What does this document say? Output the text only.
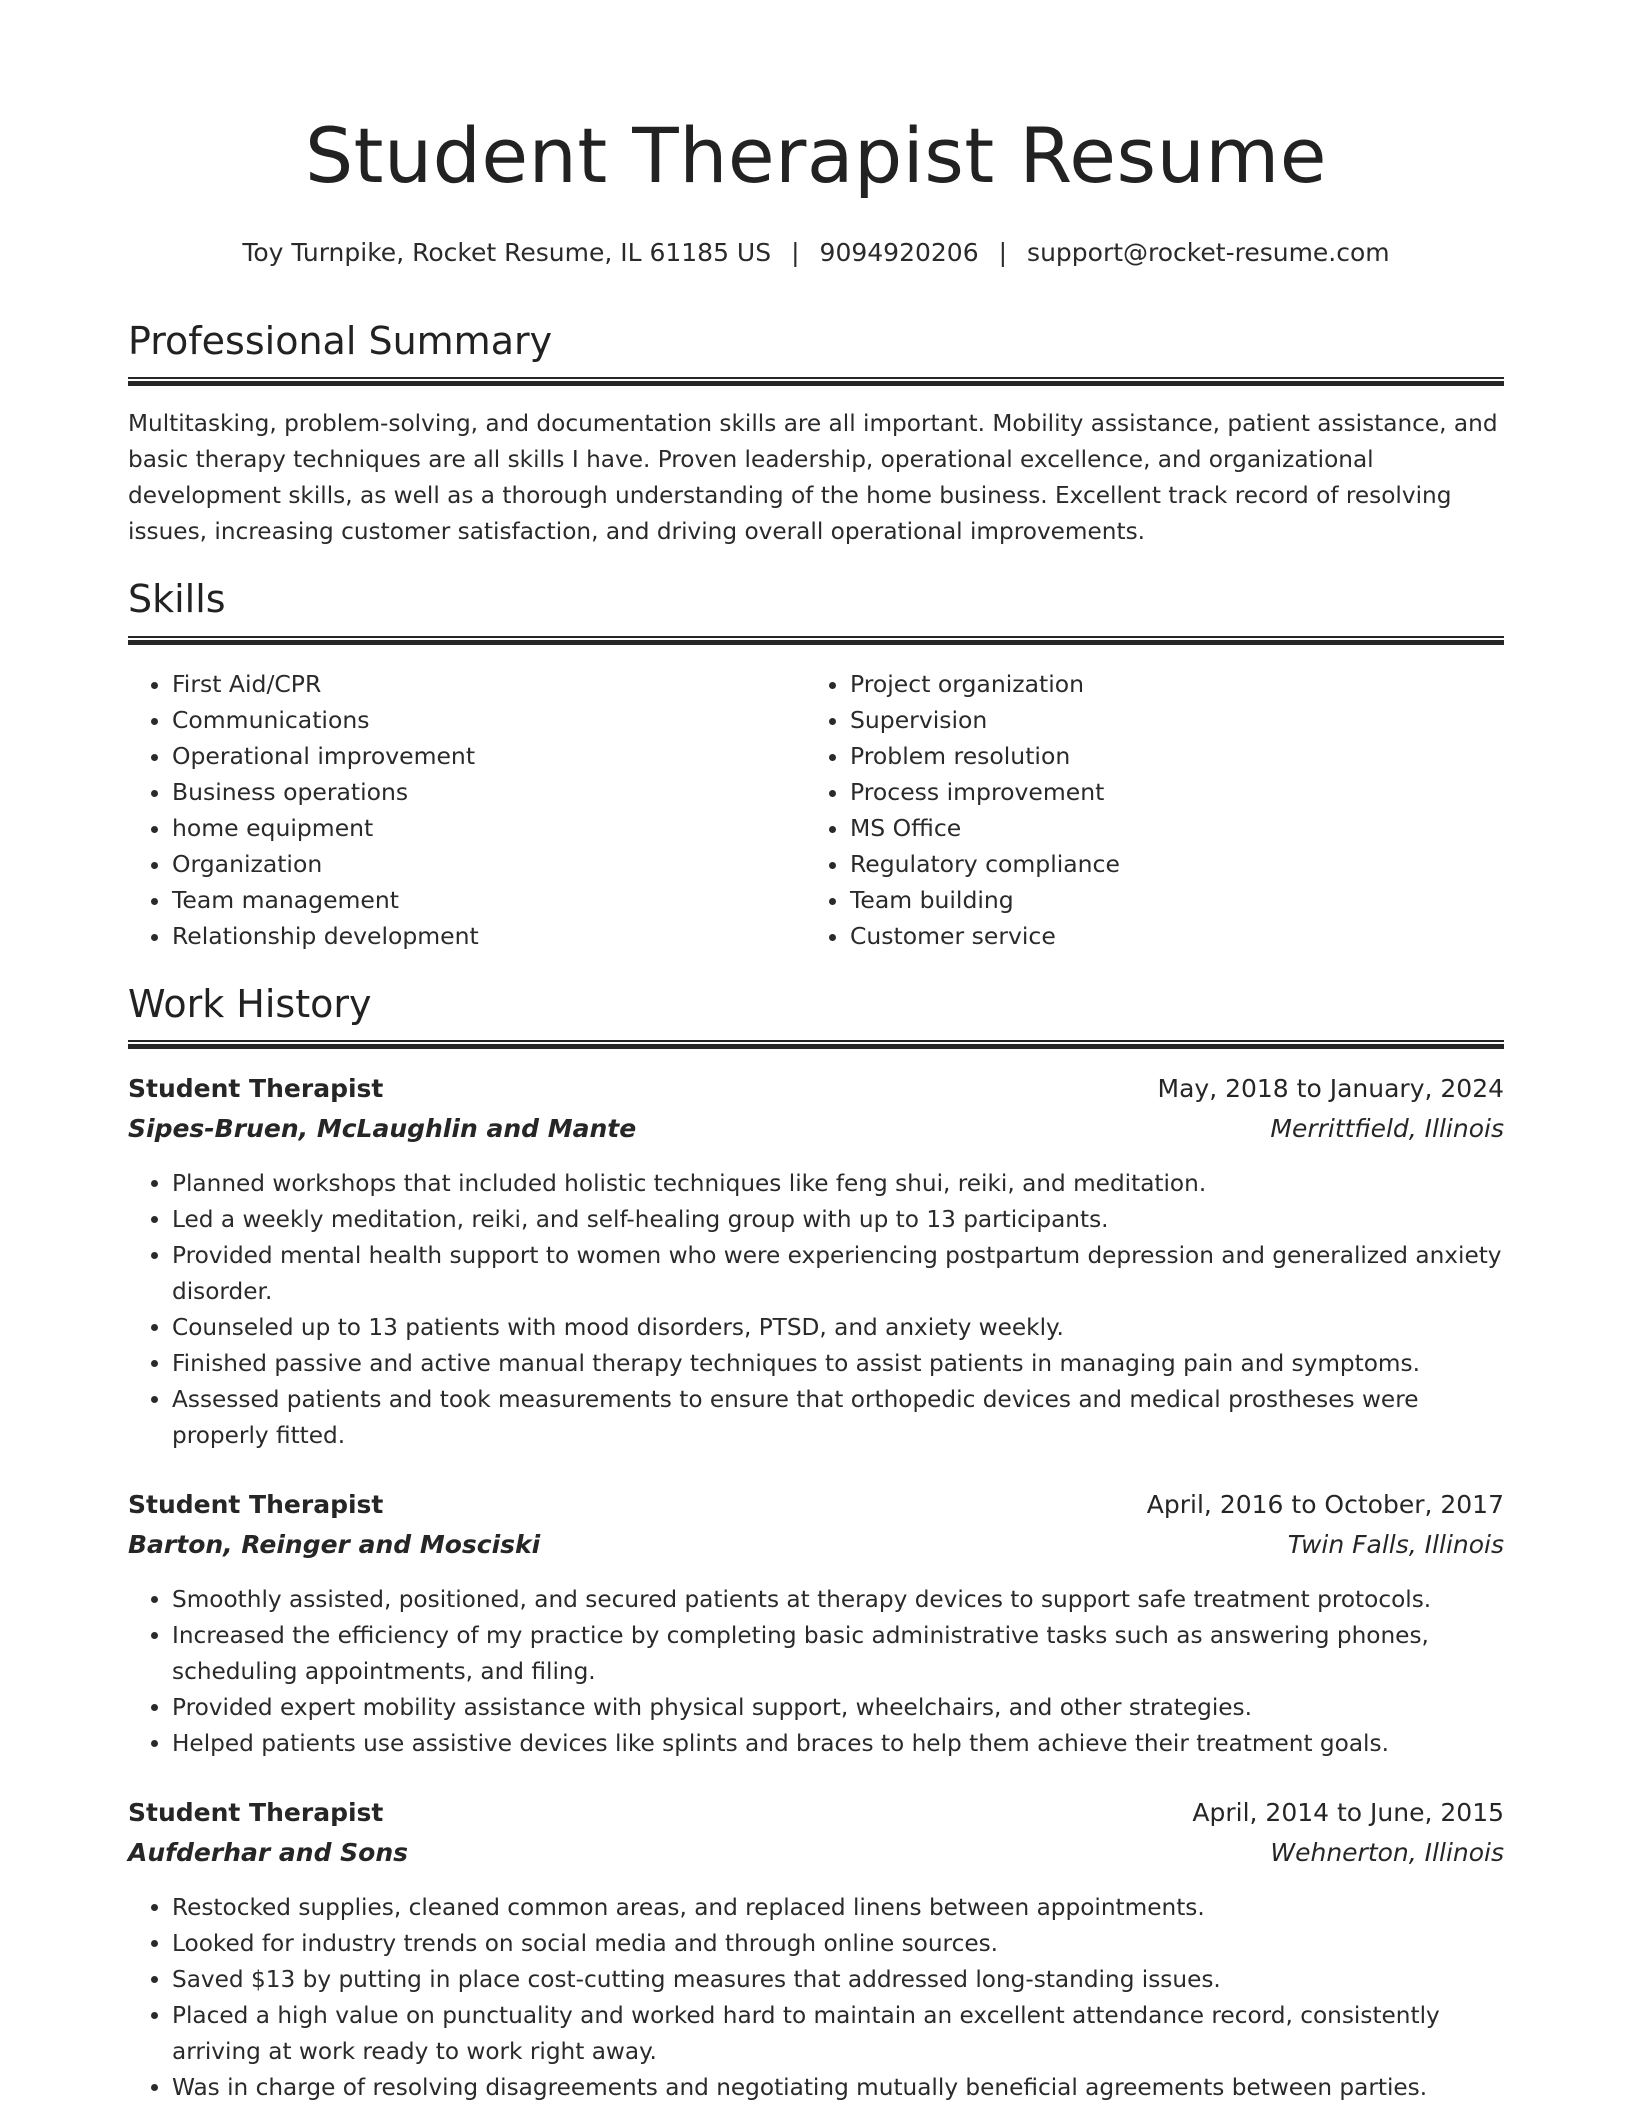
Student Therapist Resume
Toy Turnpike, Rocket Resume, IL 61185 US | 9094920206 | support@rocket-resume.com
Professional Summary

Multitasking, problem-solving, and documentation skills are all important. Mobility assistance, patient assistance, and basic therapy techniques are all skills I have. Proven leadership, operational excellence, and organizational development skills, as well as a thorough understanding of the home business. Excellent track record of resolving issues, increasing customer satisfaction, and driving overall operational improvements.

Skills
• First Aid/CPR
• Communications
• Operational improvement
• Business operations
• home equipment
• Organization
• Team management
• Relationship development
• Project organization
• Supervision
• Problem resolution
• Process improvement
• MS Office
• Regulatory compliance
• Team building
• Customer service
Work History
Student Therapist	May, 2018 to January, 2024
Sipes-Bruen, McLaughlin and Mante	Merrittfield, Illinois
• Planned workshops that included holistic techniques like feng shui, reiki, and meditation.
• Led a weekly meditation, reiki, and self-healing group with up to 13 participants.
• Provided mental health support to women who were experiencing postpartum depression and generalized anxiety disorder.
• Counseled up to 13 patients with mood disorders, PTSD, and anxiety weekly.
• Finished passive and active manual therapy techniques to assist patients in managing pain and symptoms.
• Assessed patients and took measurements to ensure that orthopedic devices and medical prostheses were properly fitted.
Student Therapist	April, 2016 to October, 2017
Barton, Reinger and Mosciski	Twin Falls, Illinois
• Smoothly assisted, positioned, and secured patients at therapy devices to support safe treatment protocols.
• Increased the efficiency of my practice by completing basic administrative tasks such as answering phones, scheduling appointments, and filing.
• Provided expert mobility assistance with physical support, wheelchairs, and other strategies.
• Helped patients use assistive devices like splints and braces to help them achieve their treatment goals.
Student Therapist	April, 2014 to June, 2015
Aufderhar and Sons	Wehnerton, Illinois
• Restocked supplies, cleaned common areas, and replaced linens between appointments.
• Looked for industry trends on social media and through online sources.
• Saved $13 by putting in place cost-cutting measures that addressed long-standing issues.
• Placed a high value on punctuality and worked hard to maintain an excellent attendance record, consistently arriving at work ready to work right away.
• Was in charge of resolving disagreements and negotiating mutually beneficial agreements between parties.
